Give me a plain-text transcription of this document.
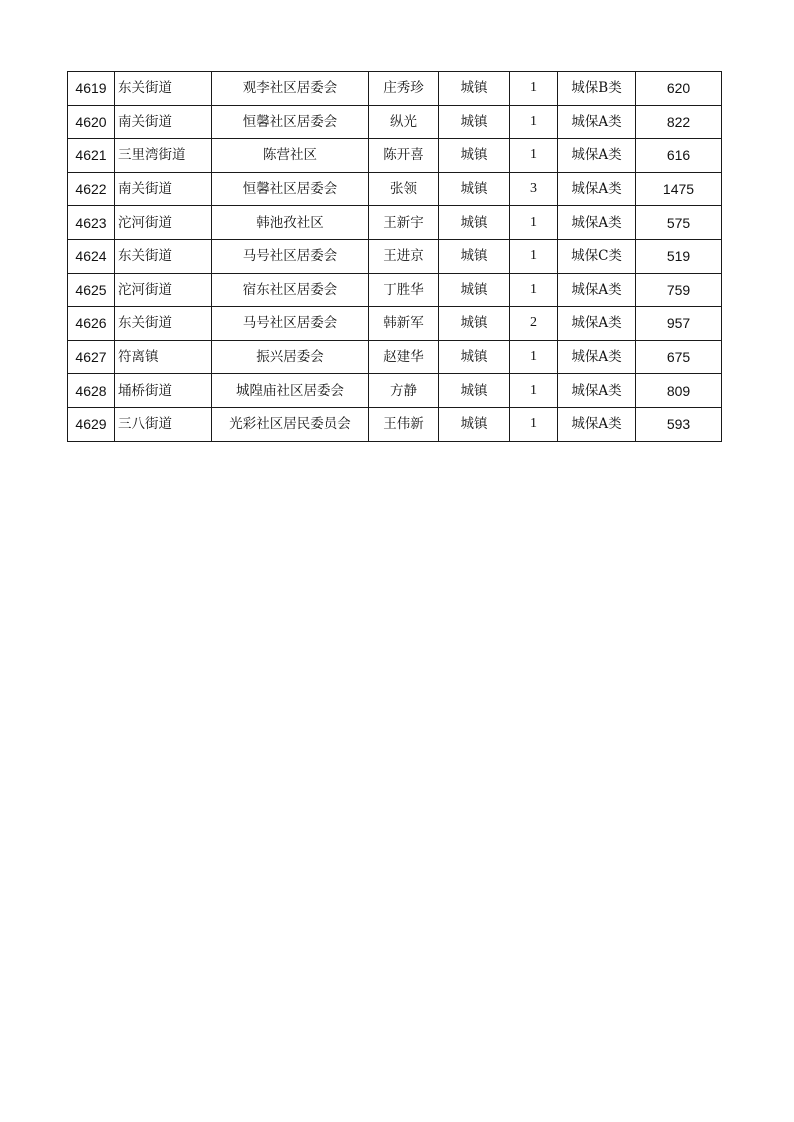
4619	东关街道	观李社区居委会	庄秀珍	城镇	1	城保B类	620
4620	南关街道	恒馨社区居委会	纵光	城镇	1	城保A类	822
4621	三里湾街道	陈营社区	陈开喜	城镇	1	城保A类	616
4622	南关街道	恒馨社区居委会	张领	城镇	3	城保A类	1475
4623	沱河街道	韩池孜社区	王新宇	城镇	1	城保A类	575
4624	东关街道	马号社区居委会	王进京	城镇	1	城保C类	519
4625	沱河街道	宿东社区居委会	丁胜华	城镇	1	城保A类	759
4626	东关街道	马号社区居委会	韩新军	城镇	2	城保A类	957
4627	符离镇	振兴居委会	赵建华	城镇	1	城保A类	675
4628	埇桥街道	城隍庙社区居委会	方静	城镇	1	城保A类	809
4629	三八街道	光彩社区居民委员会	王伟新	城镇	1	城保A类	593
